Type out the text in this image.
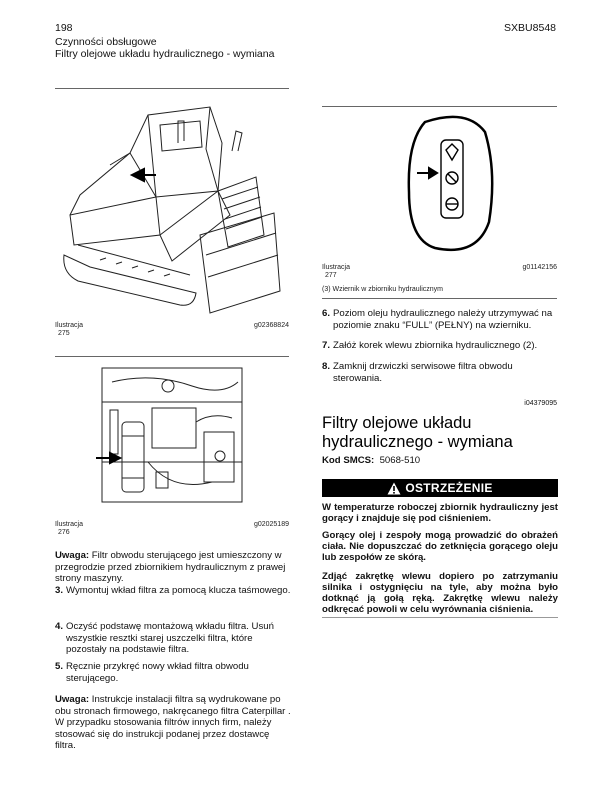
198	SXBU8548
Czynności obsługowe
Filtry olejowe układu hydraulicznego - wymiana
Ilustracja
275
g02368824
Ilustracja
276
g02025189
Uwaga: Filtr obwodu sterującego jest umieszczony w przegrodzie przed zbiornikiem hydraulicznym z prawej strony maszyny.
3. Wymontuj wkład filtra za pomocą klucza taśmowego.
4. Oczyść podstawę montażową wkładu filtra. Usuń wszystkie resztki starej uszczelki filtra, które pozostały na podstawie filtra.
5. Ręcznie przykręć nowy wkład filtra obwodu sterującego.
Uwaga: Instrukcje instalacji filtra są wydrukowane po obu stronach firmowego, nakręcanego filtra Caterpillar . W przypadku stosowania filtrów innych firm, należy stosować się do instrukcji podanej przez dostawcę filtra.
Ilustracja
277
g01142156
(3) Wziernik w zbiorniku hydraulicznym
6. Poziom oleju hydraulicznego należy utrzymywać na poziomie znaku “FULL” (PEŁNY) na wzierniku.
7. Załóż korek wlewu zbiornika hydraulicznego (2).
8. Zamknij drzwiczki serwisowe filtra obwodu sterowania.
i04379095
Filtry olejowe układu
hydraulicznego - wymiana
Kod SMCS: 5068-510
OSTRZEŻENIE
W temperaturze roboczej zbiornik hydrauliczny jest gorący i znajduje się pod ciśnieniem.
Gorący olej i zespoły mogą prowadzić do obrażeń ciała. Nie dopuszczać do zetknięcia gorącego oleju lub zespołów ze skórą.
Zdjąć zakrętkę wlewu dopiero po zatrzymaniu silnika i ostygnięciu na tyle, aby można było dotknąć ją gołą ręką. Zakrętkę wlewu należy odkręcać powoli w celu wyrównania ciśnienia.
